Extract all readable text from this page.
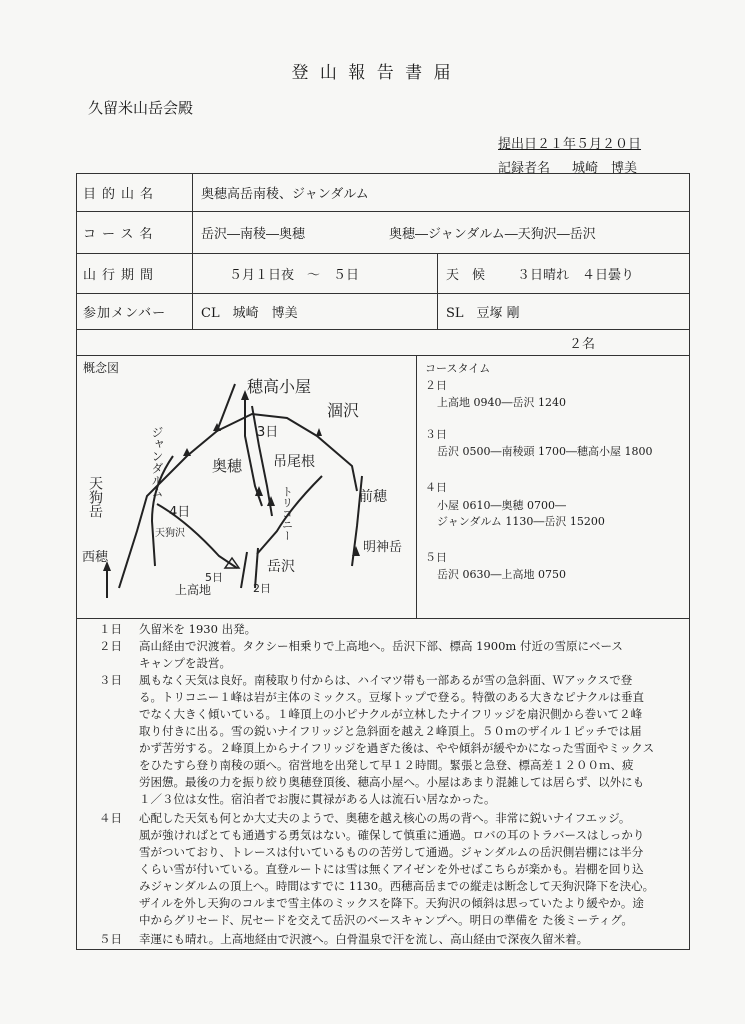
登 山 報 告 書 届
久留米山岳会殿
提出日２１年５月２０日
記録者名 城崎　博美
目的山名	奥穂高岳南稜、ジャンダルム
コース名	岳沢―南稜―奥穂	奥穂―ジャンダルム―天狗沢―岳沢
山行期間	５月１日夜　～　５日	天　候	３日晴れ　４日曇り
参加メンバー	CL　城崎　博美	SL　豆塚 剛
２名
概念図
穂高小屋
涸沢
ジャンダルム	3日
吊尾根
奥穂
天狗岳	4日
天狗沢	トリコニー	前穂
明神岳
西穂
岳沢
5日
上高地	2日
コースタイム
２日
上高地 0940―岳沢 1240
３日
岳沢 0500―南稜頭 1700―穂高小屋 1800
４日
小屋 0610―奥穂 0700―
ジャンダルム 1130―岳沢 15200
５日
岳沢 0630―上高地 0750
１日 久留米を 1930 出発。
２日 高山経由で沢渡着。タクシー相乗りで上高地へ。岳沢下部、標高 1900m 付近の雪原にベース
キャンプを設営。
３日 風もなく天気は良好。南稜取り付からは、ハイマツ帯も一部あるが雪の急斜面、Ｗアックスで登
る。トリコニー１峰は岩が主体のミックス。豆塚トップで登る。特徴のある大きなピナクルは垂直
でなく大きく傾いている。１峰頂上の小ピナクルが立林したナイフリッジを扇沢側から巻いて２峰
取り付きに出る。雪の鋭いナイフリッジと急斜面を越え２峰頂上。５０ｍのザイル１ピッチでは届
かず苦労する。２峰頂上からナイフリッジを過ぎた後は、やや傾斜が緩やかになった雪面やミックス
をひたすら登り南稜の頭へ。宿営地を出発して早１２時間。緊張と急登、標高差１２００ｍ、疲
労困憊。最後の力を振り絞り奥穂登頂後、穂高小屋へ。小屋はあまり混雑しては居らず、以外にも
１／３位は女性。宿泊者でお腹に貫禄がある人は流石い居なかった。
４日 心配した天気も何とか大丈夫のようで、奥穂を越え核心の馬の背へ。非常に鋭いナイフエッジ。
風が強ければとても通過する勇気はない。確保して慎重に通過。ロバの耳のトラバースはしっかり
雪がついており、トレースは付いているものの苦労して通過。ジャンダルムの岳沢側岩棚には半分
くらい雪が付いている。直登ルートには雪は無くアイゼンを外せばこちらが楽かも。岩棚を回り込
みジャンダルムの頂上へ。時間はすでに 1130。西穂高岳までの縦走は断念して天狗沢降下を決心。
ザイルを外し天狗のコルまで雪主体のミックスを降下。天狗沢の傾斜は思っていたより緩やか。途
中からグリセード、尻セードを交えて岳沢のベースキャンプへ。明日の準備を た後ミーティグ。
５日 幸運にも晴れ。上高地経由で沢渡へ。白骨温泉で汗を流し、高山経由で深夜久留米着。
